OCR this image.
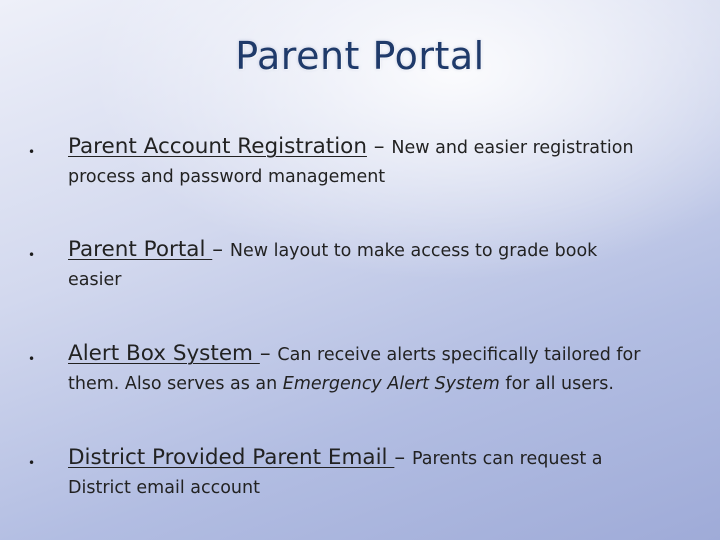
Parent Portal
• Parent Account Registration – New and easier registration
process and password management
• Parent Portal – New layout to make access to grade book
easier
• Alert Box System – Can receive alerts specifically tailored for
them. Also serves as an Emergency Alert System for all users.
• District Provided Parent Email – Parents can request a
District email account
